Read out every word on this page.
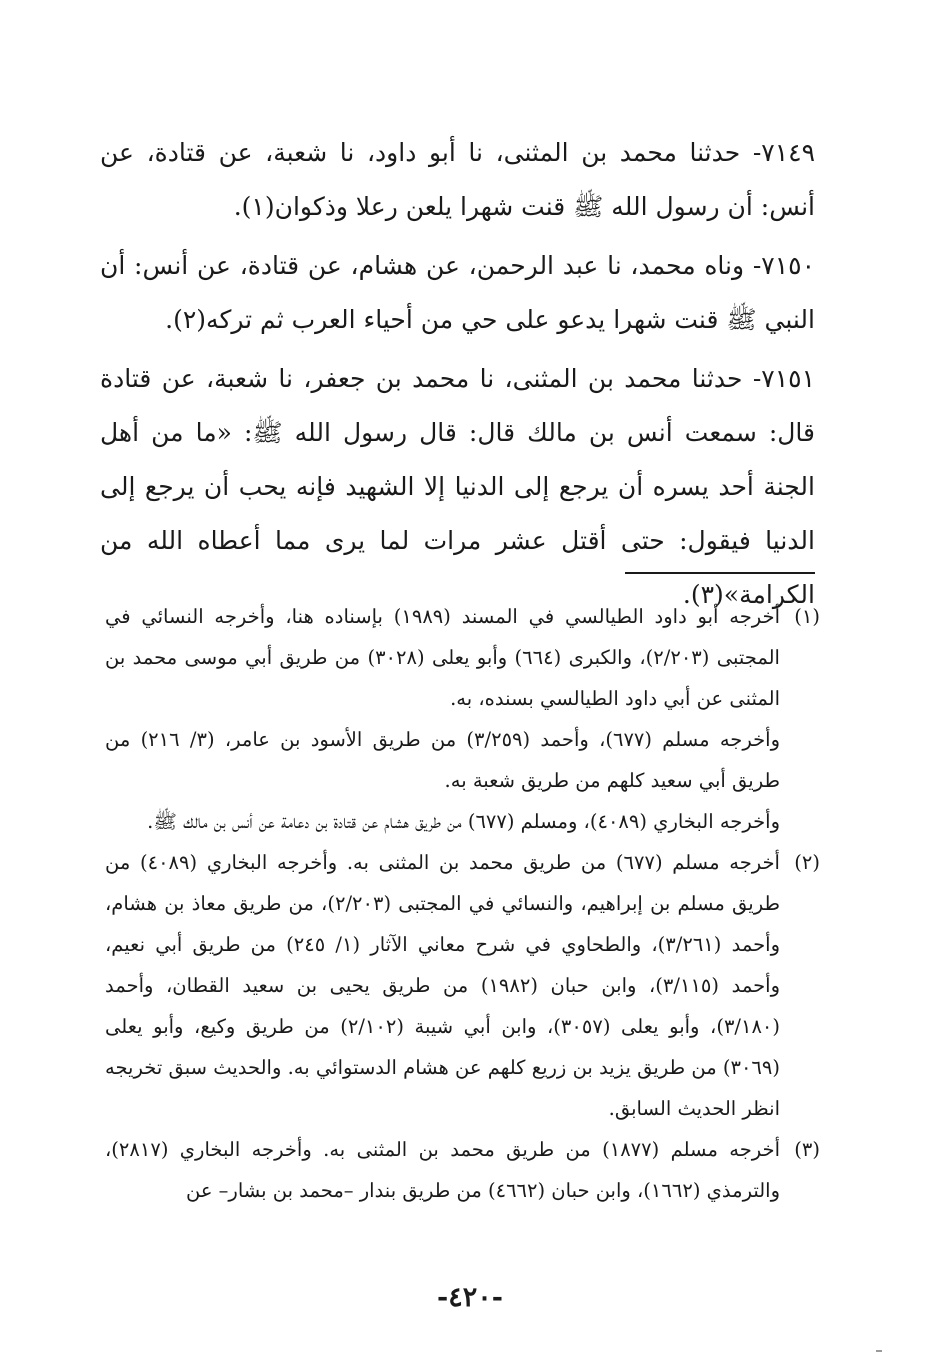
٧١٤٩- حدثنا محمد بن المثنى، نا أبو داود، نا شعبة، عن قتادة، عن أنس: أن رسول الله ﷺ قنت شهرا يلعن رعلا وذكوان(١).

٧١٥٠- وناه محمد، نا عبد الرحمن، عن هشام، عن قتادة، عن أنس: أن النبي ﷺ قنت شهرا يدعو على حي من أحياء العرب ثم تركه(٢).

٧١٥١- حدثنا محمد بن المثنى، نا محمد بن جعفر، نا شعبة، عن قتادة قال: سمعت أنس بن مالك قال: قال رسول الله ﷺ: «ما من أهل الجنة أحد يسره أن يرجع إلى الدنيا إلا الشهيد فإنه يحب أن يرجع إلى الدنيا فيقول: حتى أقتل عشر مرات لما يرى مما أعطاه الله من الكرامة»(٣).

(١)

أخرجه أبو داود الطيالسي في المسند (١٩٨٩) بإسناده هنا، وأخرجه النسائي في المجتبى (٢/٢٠٣)، والكبرى (٦٦٤) وأبو يعلى (٣٠٢٨) من طريق أبي موسى محمد بن المثنى عن أبي داود الطيالسي بسنده، به.

وأخرجه مسلم (٦٧٧)، وأحمد (٣/٢٥٩) من طريق الأسود بن عامر، (٣/ ٢١٦) من طريق أبي سعيد كلهم من طريق شعبة به.

وأخرجه البخاري (٤٠٨٩)، ومسلم (٦٧٧) من طريق هشام عن قتادة بن دعامة عن أنس بن مالك ﷺ.

(٢)

أخرجه مسلم (٦٧٧) من طريق محمد بن المثنى به. وأخرجه البخاري (٤٠٨٩) من طريق مسلم بن إبراهيم، والنسائي في المجتبى (٢/٢٠٣)، من طريق معاذ بن هشام، وأحمد (٣/٢٦١)، والطحاوي في شرح معاني الآثار (١/ ٢٤٥) من طريق أبي نعيم، وأحمد (٣/١١٥)، وابن حبان (١٩٨٢) من طريق يحيى بن سعيد القطان، وأحمد (٣/١٨٠)، وأبو يعلى (٣٠٥٧)، وابن أبي شيبة (٢/١٠٢) من طريق وكيع، وأبو يعلى (٣٠٦٩) من طريق يزيد بن زريع كلهم عن هشام الدستوائي به. والحديث سبق تخريجه انظر الحديث السابق.

(٣)

أخرجه مسلم (١٨٧٧) من طريق محمد بن المثنى به. وأخرجه البخاري (٢٨١٧)، والترمذي (١٦٦٢)، وابن حبان (٤٦٦٢) من طريق بندار –محمد بن بشار– عن

-٤٢٠-
